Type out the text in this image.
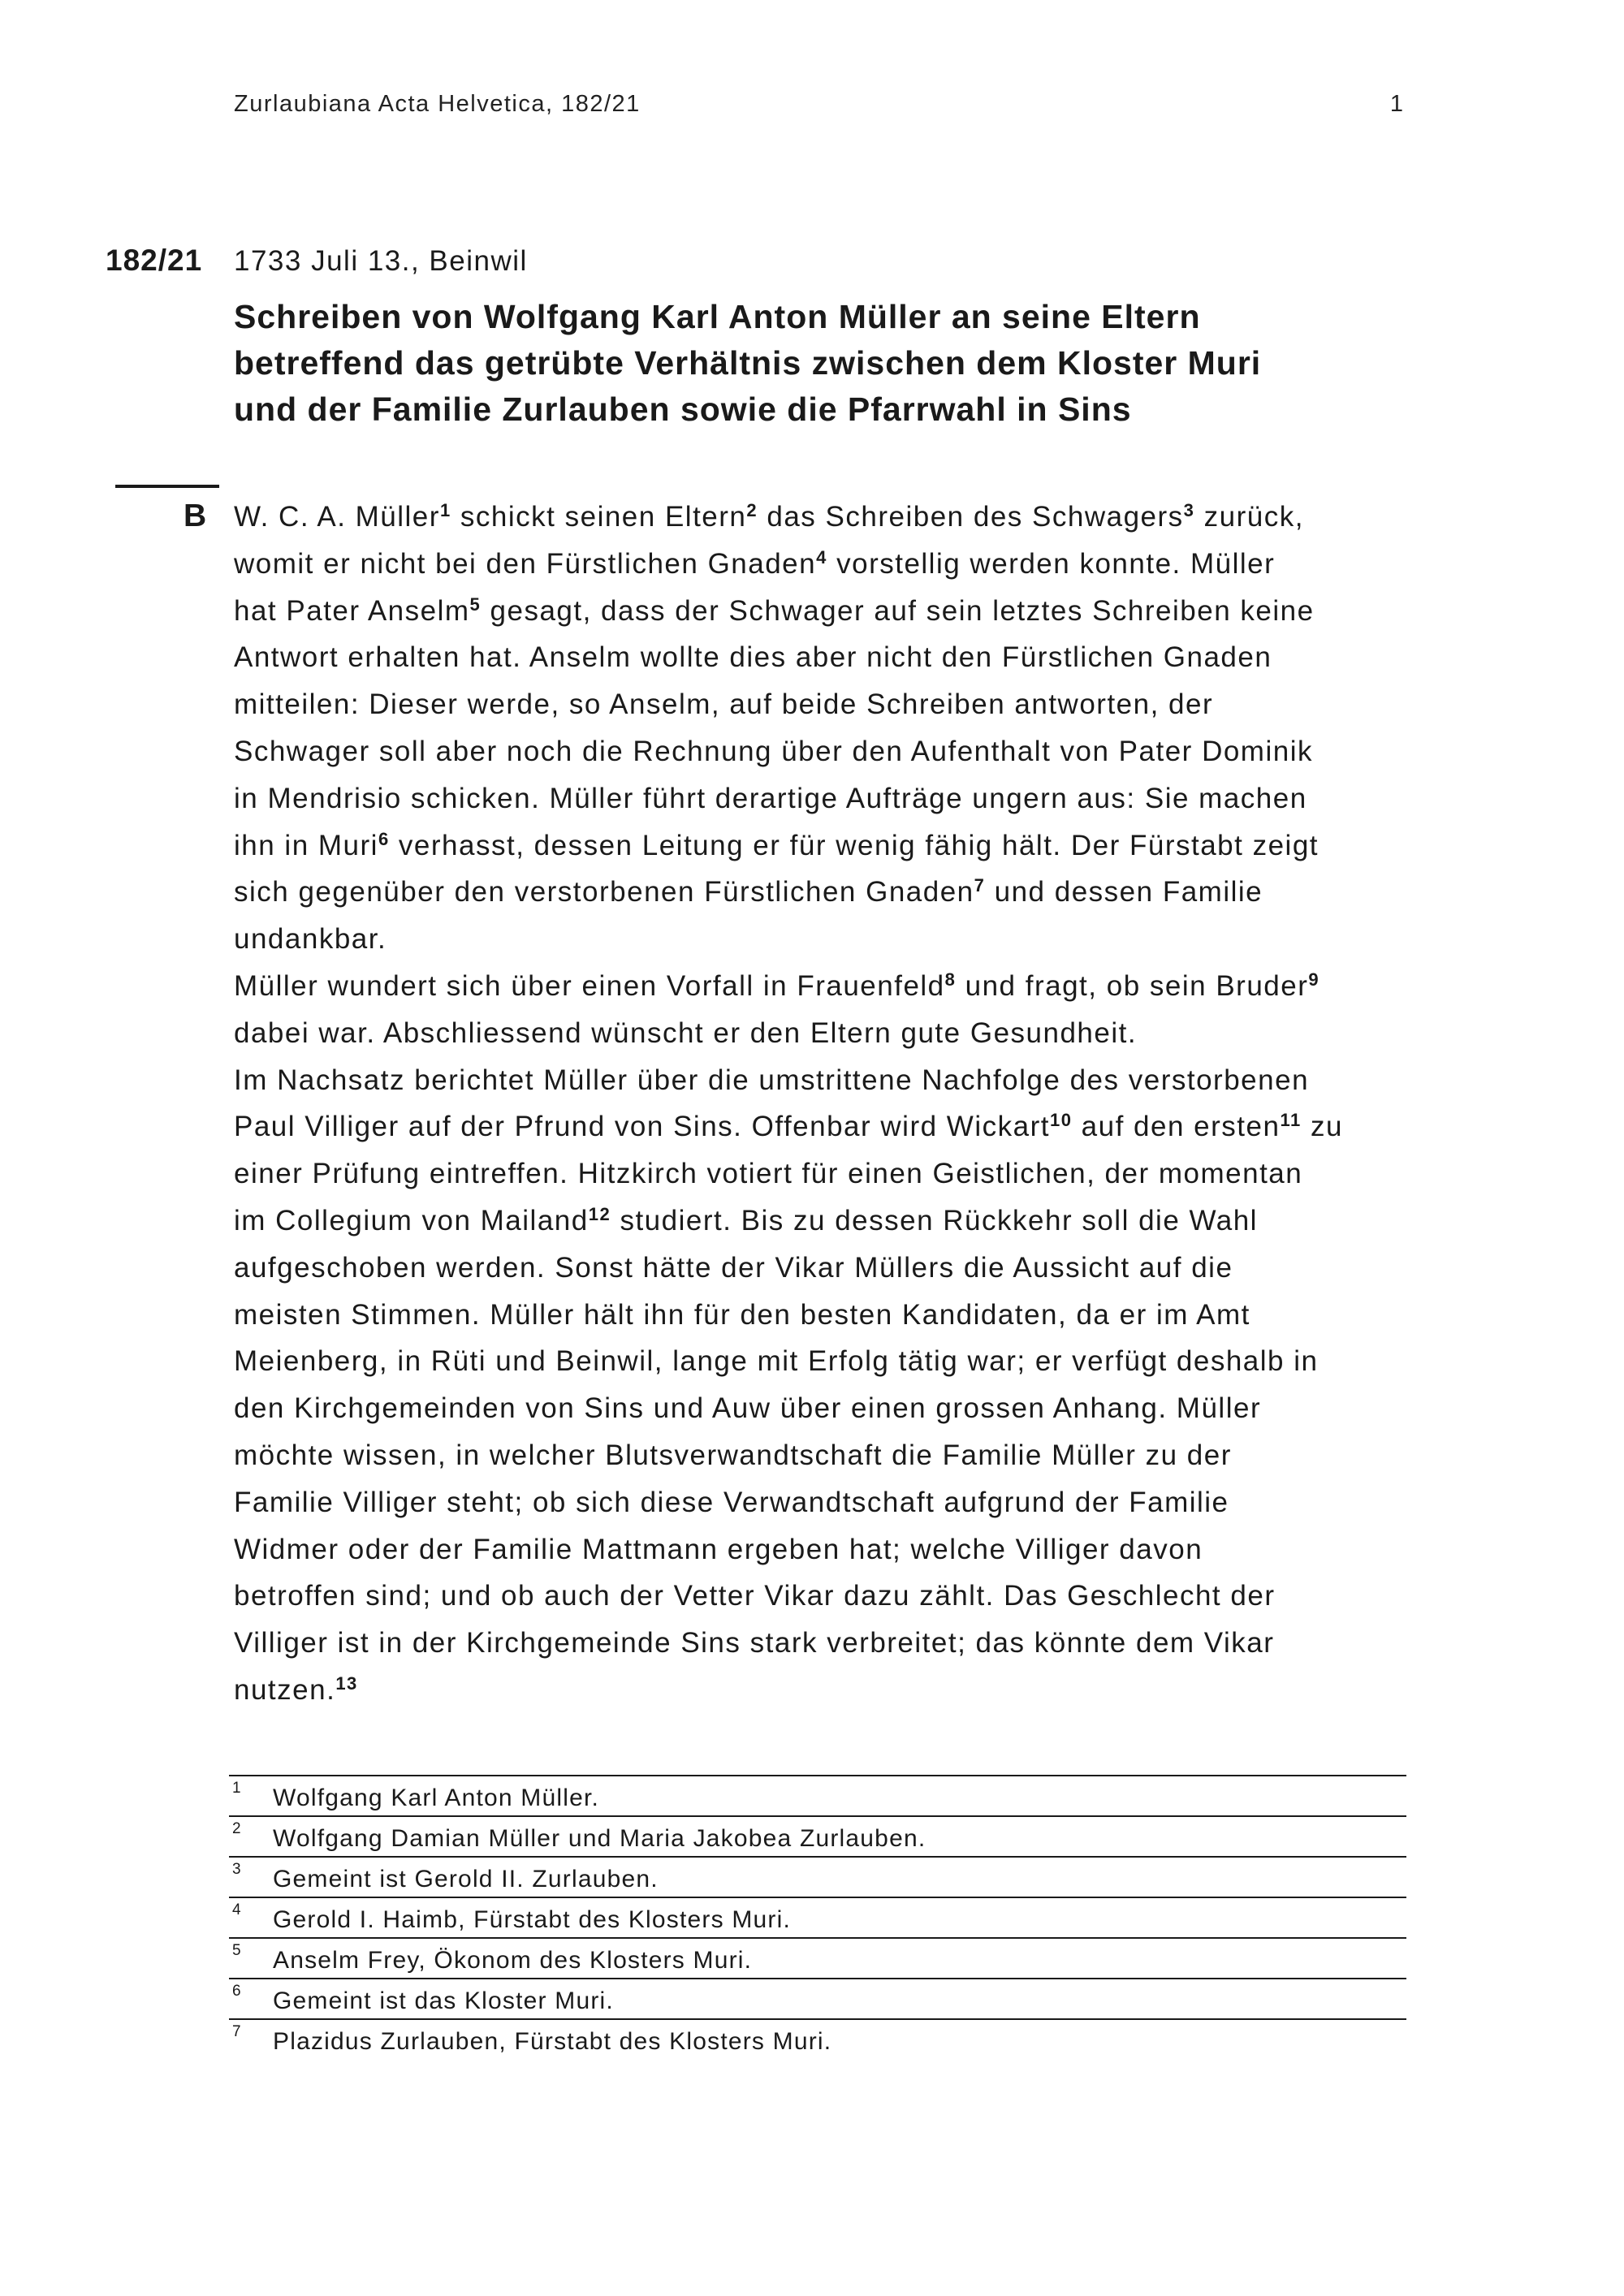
Zurlaubiana Acta Helvetica, 182/21	1
182/21 1733 Juli 13., Beinwil
Schreiben von Wolfgang Karl Anton Müller an seine Eltern
betreffend das getrübte Verhältnis zwischen dem Kloster Muri
und der Familie Zurlauben sowie die Pfarrwahl in Sins
B W. C. A. Müller$^1$ schickt seinen Eltern$^2$ das Schreiben des Schwagers$^3$ zurück,
womit er nicht bei den Fürstlichen Gnaden$^4$ vorstellig werden konnte. Müller
hat Pater Anselm$^5$ gesagt, dass der Schwager auf sein letztes Schreiben keine
Antwort erhalten hat. Anselm wollte dies aber nicht den Fürstlichen Gnaden
mitteilen: Dieser werde, so Anselm, auf beide Schreiben antworten, der
Schwager soll aber noch die Rechnung über den Aufenthalt von Pater Dominik
in Mendrisio schicken. Müller führt derartige Aufträge ungern aus: Sie machen
ihn in Muri$^6$ verhasst, dessen Leitung er für wenig fähig hält. Der Fürstabt zeigt
sich gegenüber den verstorbenen Fürstlichen Gnaden$^7$ und dessen Familie
undankbar.
Müller wundert sich über einen Vorfall in Frauenfeld$^8$ und fragt, ob sein Bruder$^9$
dabei war. Abschliessend wünscht er den Eltern gute Gesundheit.
Im Nachsatz berichtet Müller über die umstrittene Nachfolge des verstorbenen
Paul Villiger auf der Pfrund von Sins. Offenbar wird Wickart$^{10}$ auf den ersten$^{11}$ zu
einer Prüfung eintreffen. Hitzkirch votiert für einen Geistlichen, der momentan
im Collegium von Mailand$^{12}$ studiert. Bis zu dessen Rückkehr soll die Wahl
aufgeschoben werden. Sonst hätte der Vikar Müllers die Aussicht auf die
meisten Stimmen. Müller hält ihn für den besten Kandidaten, da er im Amt
Meienberg, in Rüti und Beinwil, lange mit Erfolg tätig war; er verfügt deshalb in
den Kirchgemeinden von Sins und Auw über einen grossen Anhang. Müller
möchte wissen, in welcher Blutsverwandtschaft die Familie Müller zu der
Familie Villiger steht; ob sich diese Verwandtschaft aufgrund der Familie
Widmer oder der Familie Mattmann ergeben hat; welche Villiger davon
betroffen sind; und ob auch der Vetter Vikar dazu zählt. Das Geschlecht der
Villiger ist in der Kirchgemeinde Sins stark verbreitet; das könnte dem Vikar
nutzen.$^{13}$
1 Wolfgang Karl Anton Müller.
2 Wolfgang Damian Müller und Maria Jakobea Zurlauben.
3 Gemeint ist Gerold II. Zurlauben.
4 Gerold I. Haimb, Fürstabt des Klosters Muri.
5 Anselm Frey, Ökonom des Klosters Muri.
6 Gemeint ist das Kloster Muri.
7 Plazidus Zurlauben, Fürstabt des Klosters Muri.
